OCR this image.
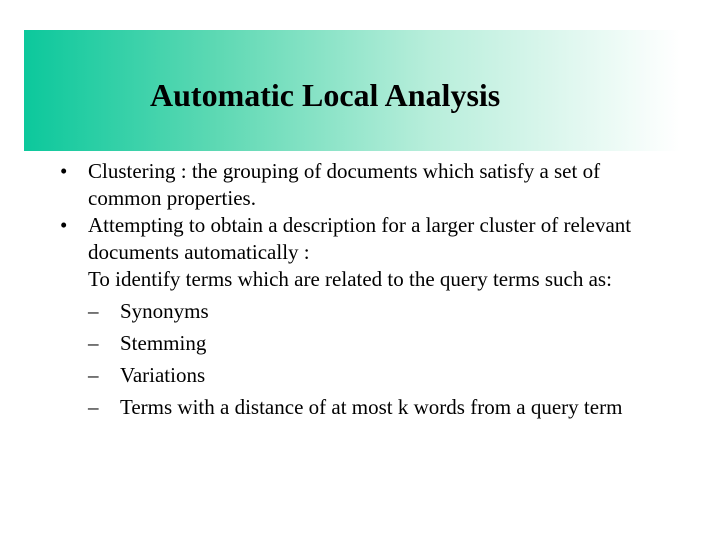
Automatic Local Analysis
• Clustering : the grouping of documents which satisfy a set of common properties.
• Attempting to obtain a description for a larger cluster of relevant documents automatically :
To identify terms which are related to the query terms such as:
– Synonyms
– Stemming
– Variations
– Terms with a distance of at most k words from a query term
